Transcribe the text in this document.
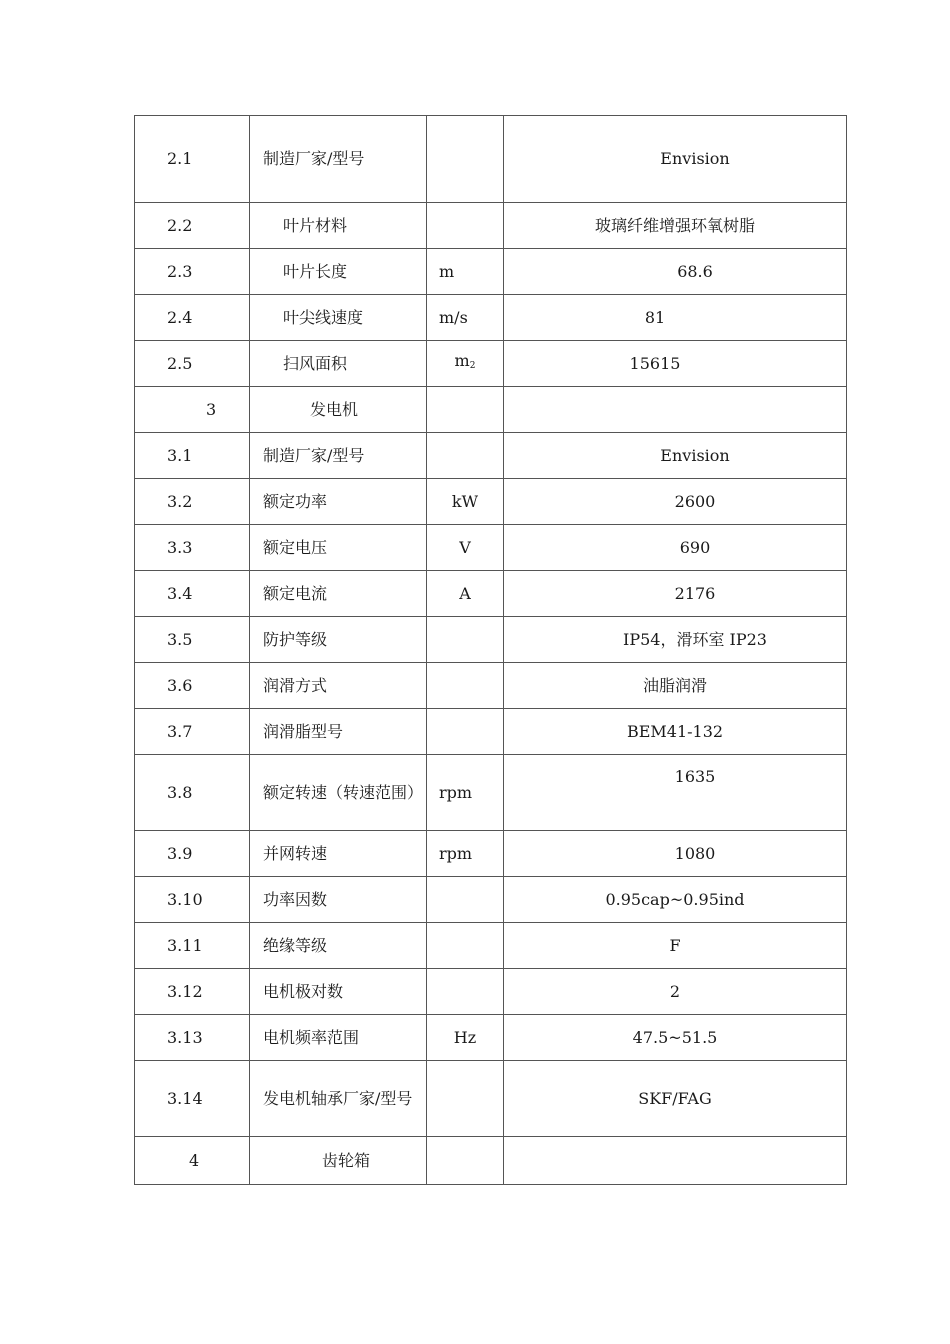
2.1	制造厂家/型号		Envision
2.2	叶片材料		玻璃纤维增强环氧树脂
2.3	叶片长度	m	68.6
2.4	叶尖线速度	m/s	81
2.5	扫风面积	$m_2$	15615
3	发电机		
3.1	制造厂家/型号		Envision
3.2	额定功率	kW	2600
3.3	额定电压	V	690
3.4	额定电流	A	2176
3.5	防护等级		IP54，滑环室 IP23
3.6	润滑方式		油脂润滑
3.7	润滑脂型号		BEM41-132
3.8	额定转速（转速范围）	rpm	1635
3.9	并网转速	rpm	1080
3.10	功率因数		0.95cap~0.95ind
3.11	绝缘等级		F
3.12	电机极对数		2
3.13	电机频率范围	Hz	47.5~51.5
3.14	发电机轴承厂家/型号		SKF/FAG
4	齿轮箱		
